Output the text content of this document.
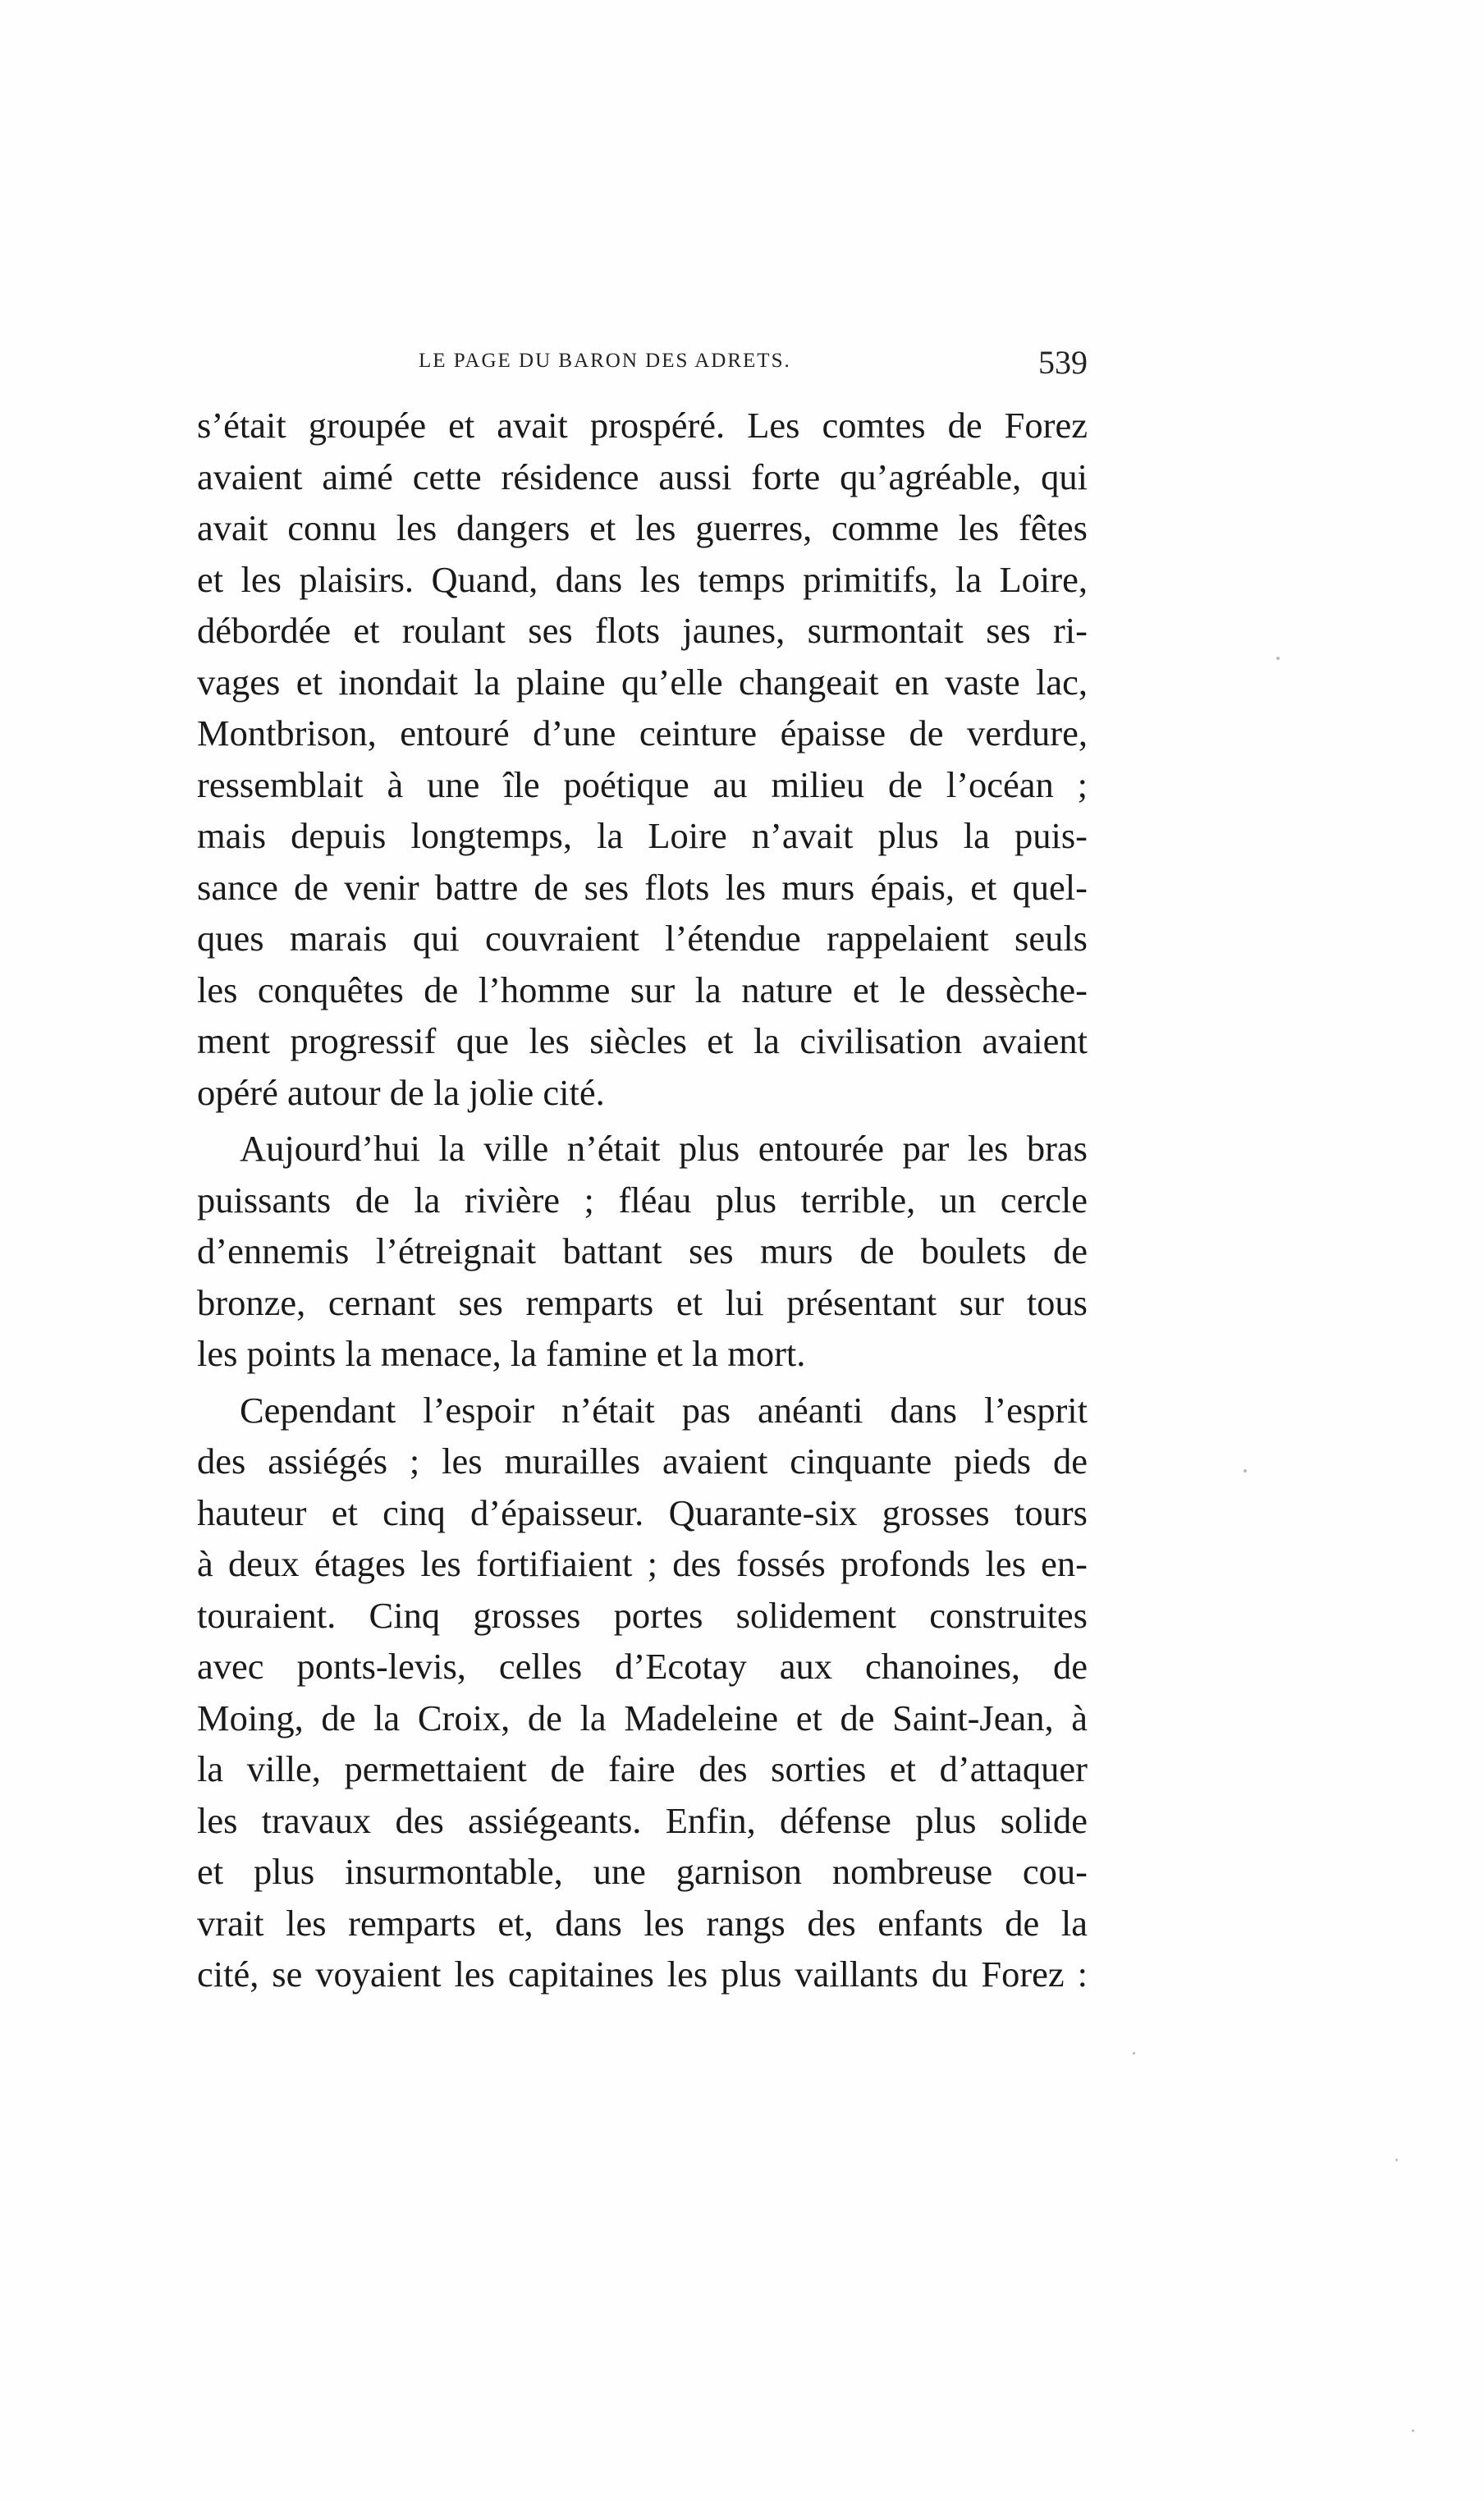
LE PAGE DU BARON DES ADRETS.	539
s’était groupée et avait prospéré. Les comtes de Forez
avaient aimé cette résidence aussi forte qu’agréable, qui
avait connu les dangers et les guerres, comme les fêtes
et les plaisirs. Quand, dans les temps primitifs, la Loire,
débordée et roulant ses flots jaunes, surmontait ses ri-
vages et inondait la plaine qu’elle changeait en vaste lac,
Montbrison, entouré d’une ceinture épaisse de verdure,
ressemblait à une île poétique au milieu de l’océan ;
mais depuis longtemps, la Loire n’avait plus la puis-
sance de venir battre de ses flots les murs épais, et quel-
ques marais qui couvraient l’étendue rappelaient seuls
les conquêtes de l’homme sur la nature et le dessèche-
ment progressif que les siècles et la civilisation avaient
opéré autour de la jolie cité.
Aujourd’hui la ville n’était plus entourée par les bras
puissants de la rivière ; fléau plus terrible, un cercle
d’ennemis l’étreignait battant ses murs de boulets de
bronze, cernant ses remparts et lui présentant sur tous
les points la menace, la famine et la mort.
Cependant l’espoir n’était pas anéanti dans l’esprit
des assiégés ; les murailles avaient cinquante pieds de
hauteur et cinq d’épaisseur. Quarante-six grosses tours
à deux étages les fortifiaient ; des fossés profonds les en-
touraient. Cinq grosses portes solidement construites
avec ponts-levis, celles d’Ecotay aux chanoines, de
Moing, de la Croix, de la Madeleine et de Saint-Jean, à
la ville, permettaient de faire des sorties et d’attaquer
les travaux des assiégeants. Enfin, défense plus solide
et plus insurmontable, une garnison nombreuse cou-
vrait les remparts et, dans les rangs des enfants de la
cité, se voyaient les capitaines les plus vaillants du Forez :
